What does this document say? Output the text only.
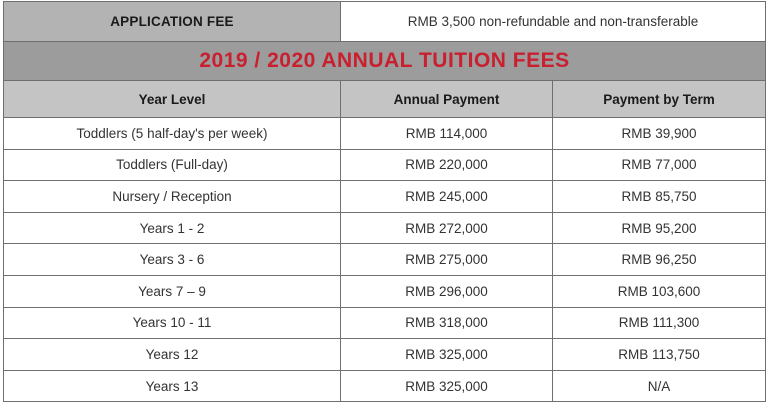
APPLICATION FEE	RMB 3,500 non-refundable and non-transferable	
2019 / 2020 ANNUAL TUITION FEES		
Year Level	Annual Payment	Payment by Term
Toddlers (5 half-day's per week)	RMB 114,000	RMB 39,900
Toddlers (Full-day)	RMB 220,000	RMB 77,000
Nursery / Reception	RMB 245,000	RMB 85,750
Years 1 - 2	RMB 272,000	RMB 95,200
Years 3 - 6	RMB 275,000	RMB 96,250
Years 7 – 9	RMB 296,000	RMB 103,600
Years 10 - 11	RMB 318,000	RMB 111,300
Years 12	RMB 325,000	RMB 113,750
Years 13	RMB 325,000	N/A
